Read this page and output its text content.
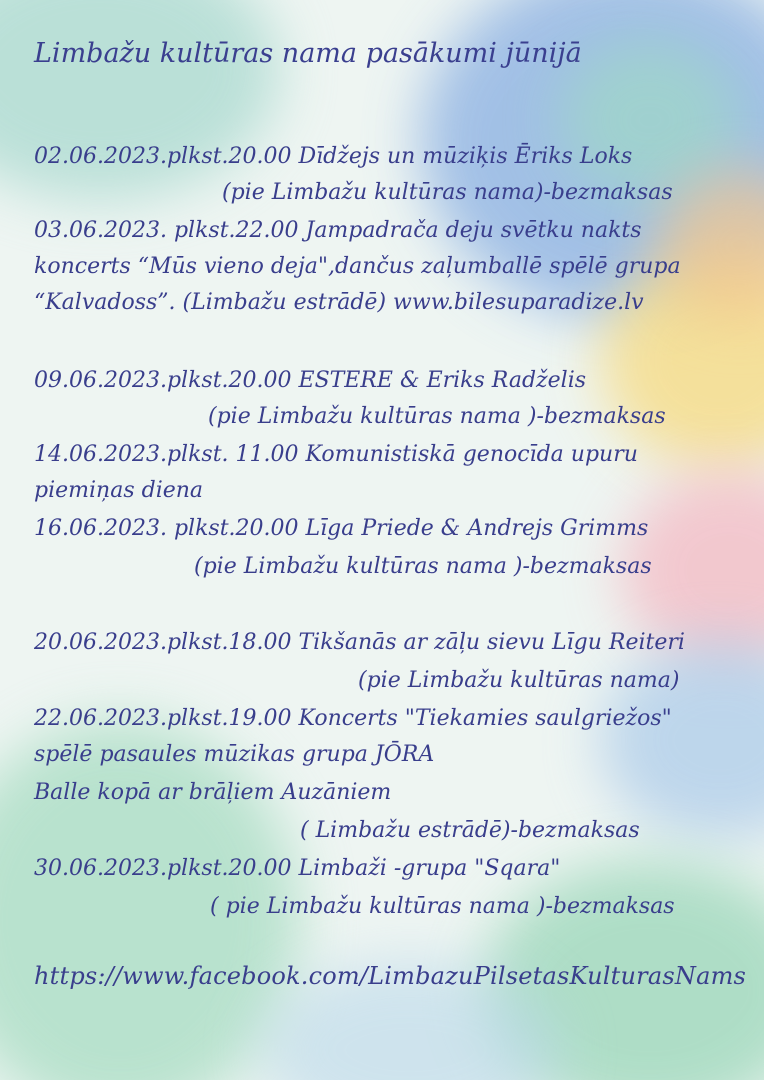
Limbažu kultūras nama pasākumi jūnijā
02.06.2023.plkst.20.00 Dīdžejs un mūziķis Ēriks Loks
(pie Limbažu kultūras nama)-bezmaksas
03.06.2023. plkst.22.00 Jampadrača deju svētku nakts
koncerts “Mūs vieno deja",dančus zaļumballē spēlē grupa
“Kalvadoss”. (Limbažu estrādē) www.bilesuparadize.lv
09.06.2023.plkst.20.00 ESTERE & Eriks Radželis
(pie Limbažu kultūras nama )-bezmaksas
14.06.2023.plkst. 11.00 Komunistiskā genocīda upuru
piemiņas diena
16.06.2023. plkst.20.00 Līga Priede & Andrejs Grimms
(pie Limbažu kultūras nama )-bezmaksas
20.06.2023.plkst.18.00 Tikšanās ar zāļu sievu Līgu Reiteri
(pie Limbažu kultūras nama)
22.06.2023.plkst.19.00 Koncerts "Tiekamies saulgriežos"
spēlē pasaules mūzikas grupa JŌRA
Balle kopā ar brāļiem Auzāniem
( Limbažu estrādē)-bezmaksas
30.06.2023.plkst.20.00 Limbaži -grupa "Sqara"
( pie Limbažu kultūras nama )-bezmaksas
https://www.facebook.com/LimbazuPilsetasKulturasNams
